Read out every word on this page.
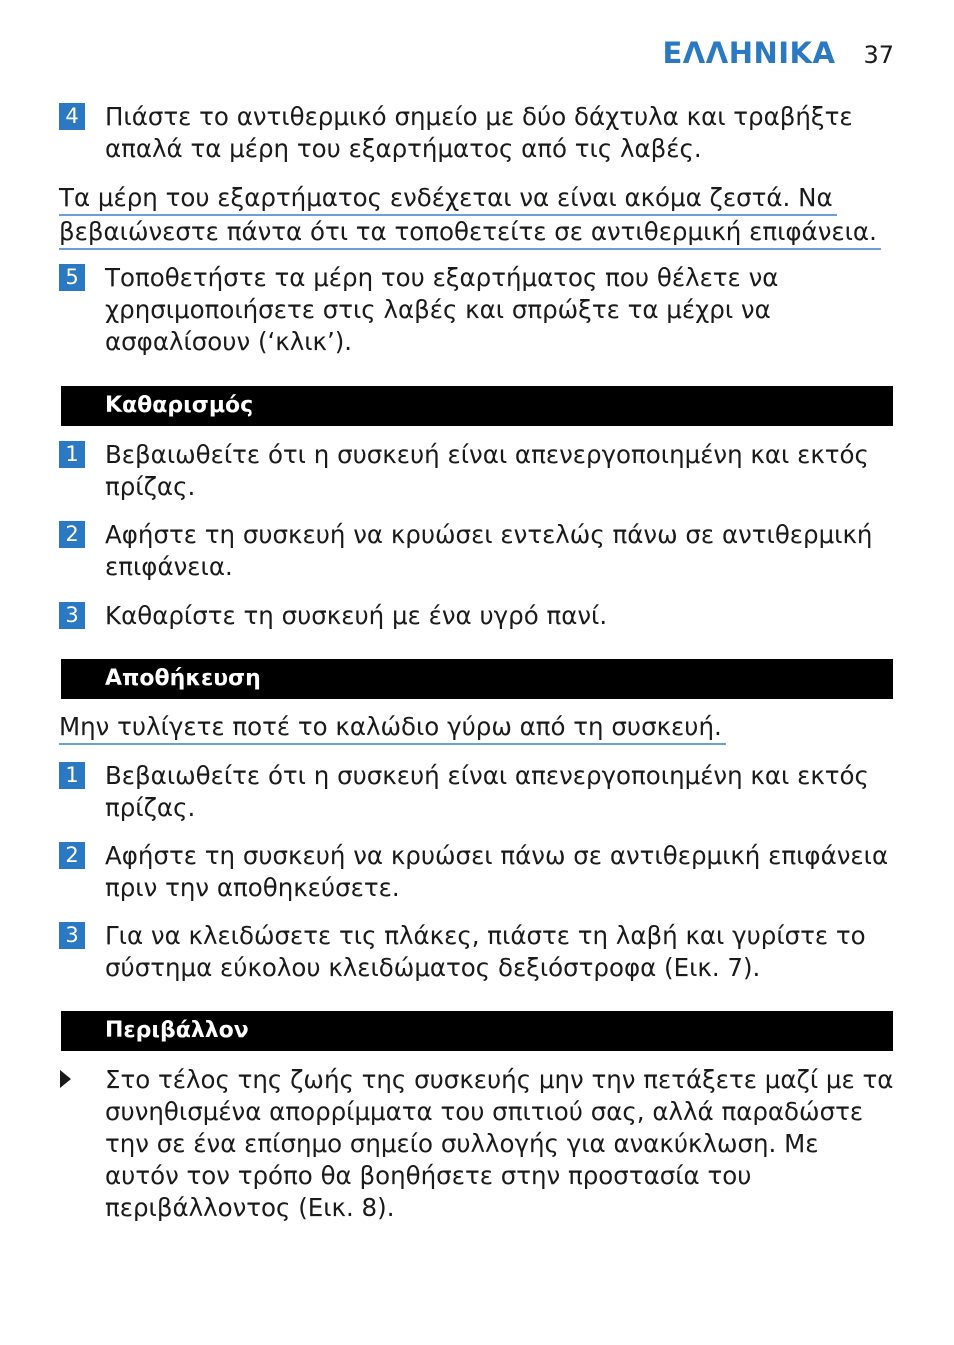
ΕΛΛΗΝΙΚΑ 37
4 Πιάστε το αντιθερμικό σημείο με δύο δάχτυλα και τραβήξτε απαλά τα μέρη του εξαρτήματος από τις λαβές.
Τα μέρη του εξαρτήματος ενδέχεται να είναι ακόμα ζεστά. Να
βεβαιώνεστε πάντα ότι τα τοποθετείτε σε αντιθερμική επιφάνεια.
5 Τοποθετήστε τα μέρη του εξαρτήματος που θέλετε να χρησιμοποιήσετε στις λαβές και σπρώξτε τα μέχρι να ασφαλίσουν (‘κλικ’).
Καθαρισμός
1 Βεβαιωθείτε ότι η συσκευή είναι απενεργοποιημένη και εκτός πρίζας.
2 Αφήστε τη συσκευή να κρυώσει εντελώς πάνω σε αντιθερμική επιφάνεια.
3 Καθαρίστε τη συσκευή με ένα υγρό πανί.
Αποθήκευση
Μην τυλίγετε ποτέ το καλώδιο γύρω από τη συσκευή.
1 Βεβαιωθείτε ότι η συσκευή είναι απενεργοποιημένη και εκτός πρίζας.
2 Αφήστε τη συσκευή να κρυώσει πάνω σε αντιθερμική επιφάνεια πριν την αποθηκεύσετε.
3 Για να κλειδώσετε τις πλάκες, πιάστε τη λαβή και γυρίστε το σύστημα εύκολου κλειδώματος δεξιόστροφα (Εικ. 7).
Περιβάλλον
Στο τέλος της ζωής της συσκευής μην την πετάξετε μαζί με τα συνηθισμένα απορρίμματα του σπιτιού σας, αλλά παραδώστε την σε ένα επίσημο σημείο συλλογής για ανακύκλωση. Με αυτόν τον τρόπο θα βοηθήσετε στην προστασία του περιβάλλοντος (Εικ. 8).
